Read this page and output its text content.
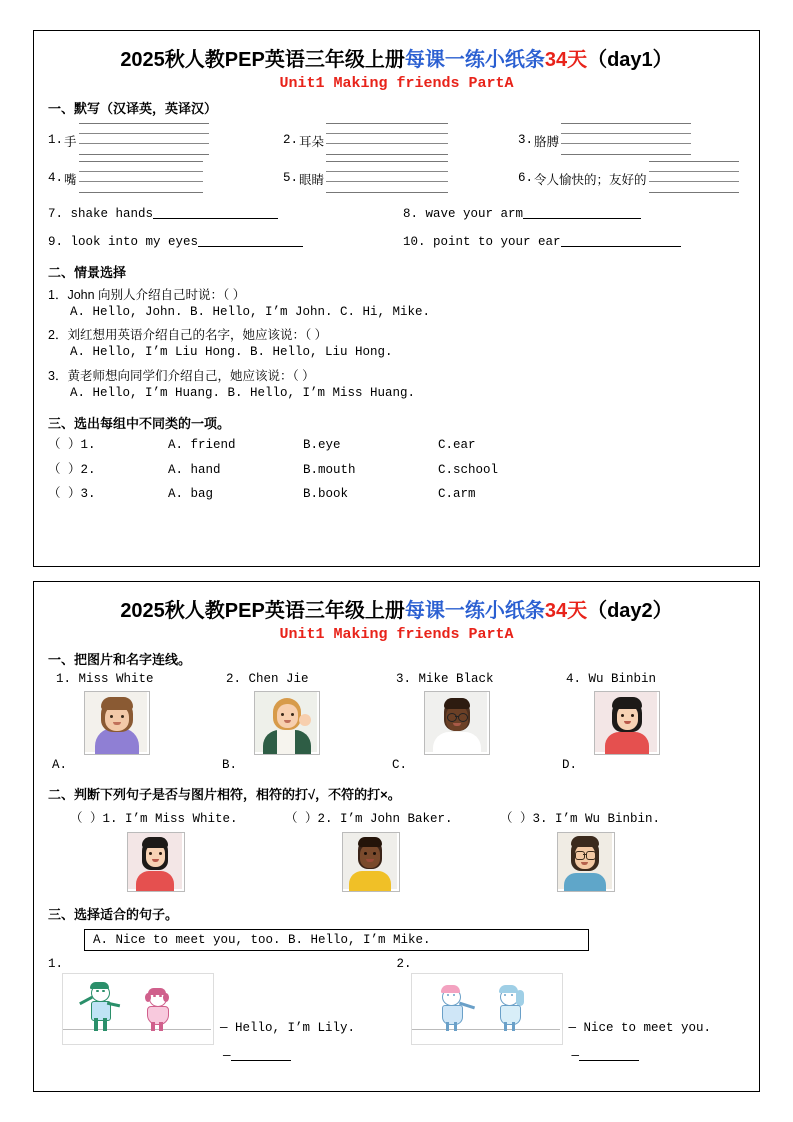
2025秋人教PEP英语三年级上册每课一练小纸条34天（day1）
Unit1 Making friends PartA
一、默写（汉译英，英译汉）
1. 手	2. 耳朵	3. 胳膊
4. 嘴	5. 眼睛	6. 令人愉快的；友好的
7. shake hands	8. wave your arm
9. look into my eyes	10. point to your ear
二、情景选择
1．John 向别人介绍自己时说：（ ）
A. Hello, John. B. Hello, I’m John. C. Hi, Mike.
2．刘红想用英语介绍自己的名字，她应该说：（ ）
A. Hello, I’m Liu Hong. B. Hello, Liu Hong.
3．黄老师想向同学们介绍自己，她应该说：（ ）
A. Hello, I’m Huang. B. Hello, I’m Miss Huang.
三、选出每组中不同类的一项。
（ ）1.	A. friend	B.eye	C.ear
（ ）2.	A. hand	B.mouth	C.school
（ ）3.	A. bag	B.book	C.arm
2025秋人教PEP英语三年级上册每课一练小纸条34天（day2）
Unit1 Making friends PartA
一、把图片和名字连线。
1. Miss White
A.
2. Chen Jie
B.
3. Mike Black
C.
4. Wu Binbin
D.
二、判断下列句子是否与图片相符，相符的打√，不符的打×。
（ ）1. I’m Miss White.	（ ）2. I’m John Baker.	（ ）3. I’m Wu Binbin.
三、选择适合的句子。
A. Nice to meet you, too. B. Hello, I’m Mike.
1.
— Hello, I’m Lily.
—
2.
— Nice to meet you.
—
